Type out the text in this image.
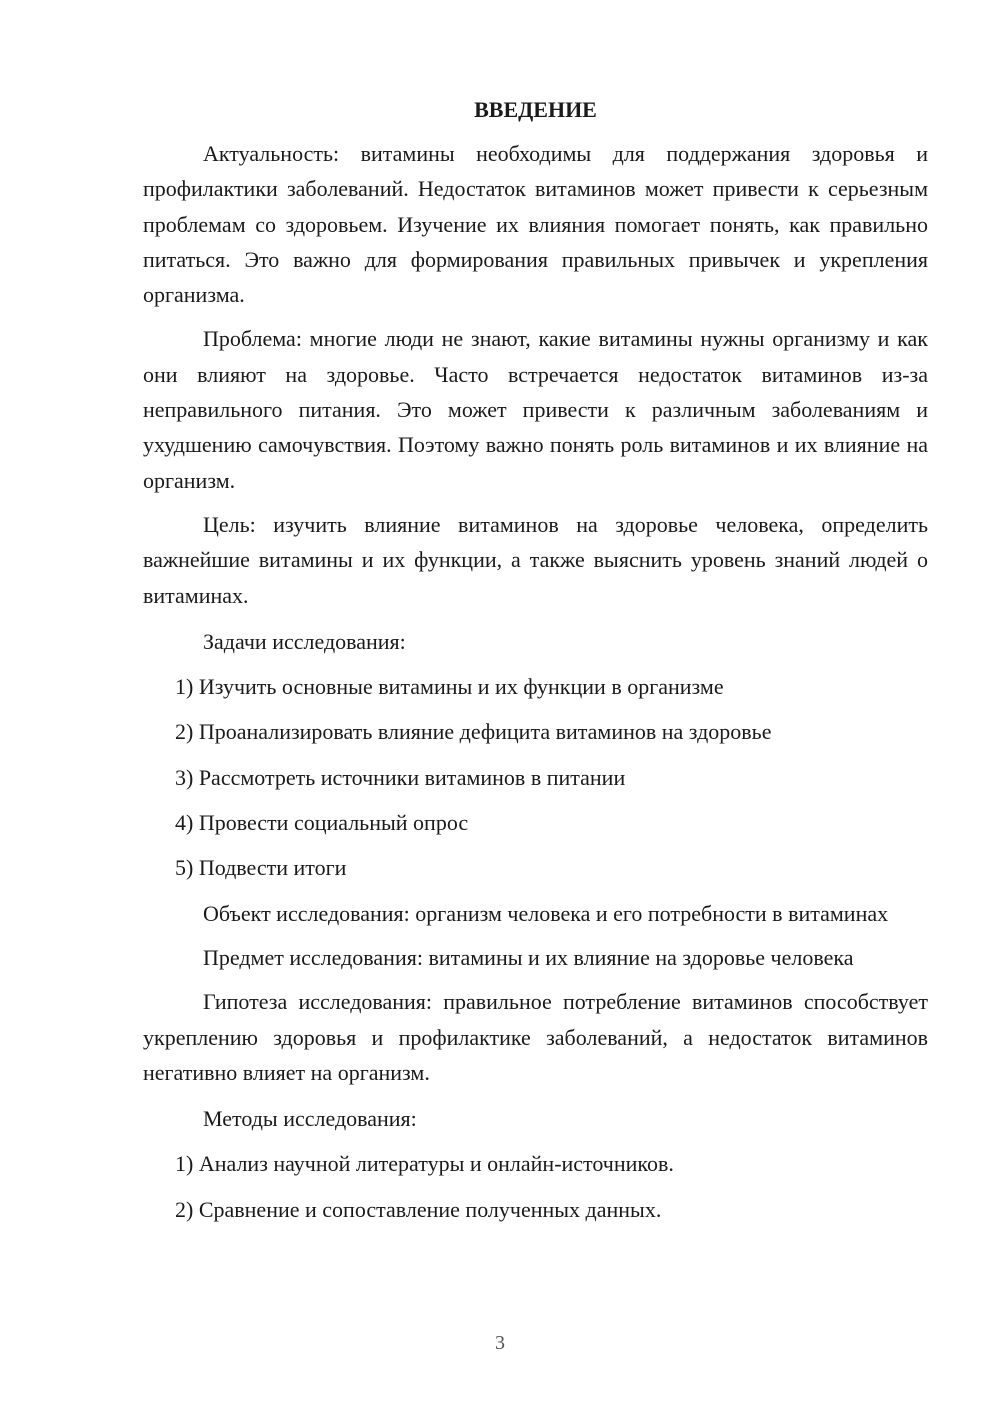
ВВЕДЕНИЕ

Актуальность: витамины необходимы для поддержания здоровья и профилактики заболеваний. Недостаток витаминов может привести к серьезным проблемам со здоровьем. Изучение их влияния помогает понять, как правильно питаться. Это важно для формирования правильных привычек и укрепления организма.

Проблема: многие люди не знают, какие витамины нужны организму и как они влияют на здоровье. Часто встречается недостаток витаминов из-за неправильного питания. Это может привести к различным заболеваниям и ухудшению самочувствия. Поэтому важно понять роль витаминов и их влияние на организм.

Цель: изучить влияние витаминов на здоровье человека, определить важнейшие витамины и их функции, а также выяснить уровень знаний людей о витаминах.

Задачи исследования:

1) Изучить основные витамины и их функции в организме

2) Проанализировать влияние дефицита витаминов на здоровье

3) Рассмотреть источники витаминов в питании

4) Провести социальный опрос

5) Подвести итоги

Объект исследования: организм человека и его потребности в витаминах

Предмет исследования: витамины и их влияние на здоровье человека

Гипотеза исследования: правильное потребление витаминов способствует укреплению здоровья и профилактике заболеваний, а недостаток витаминов негативно влияет на организм.

Методы исследования:

1) Анализ научной литературы и онлайн-источников.

2) Сравнение и сопоставление полученных данных.

3
